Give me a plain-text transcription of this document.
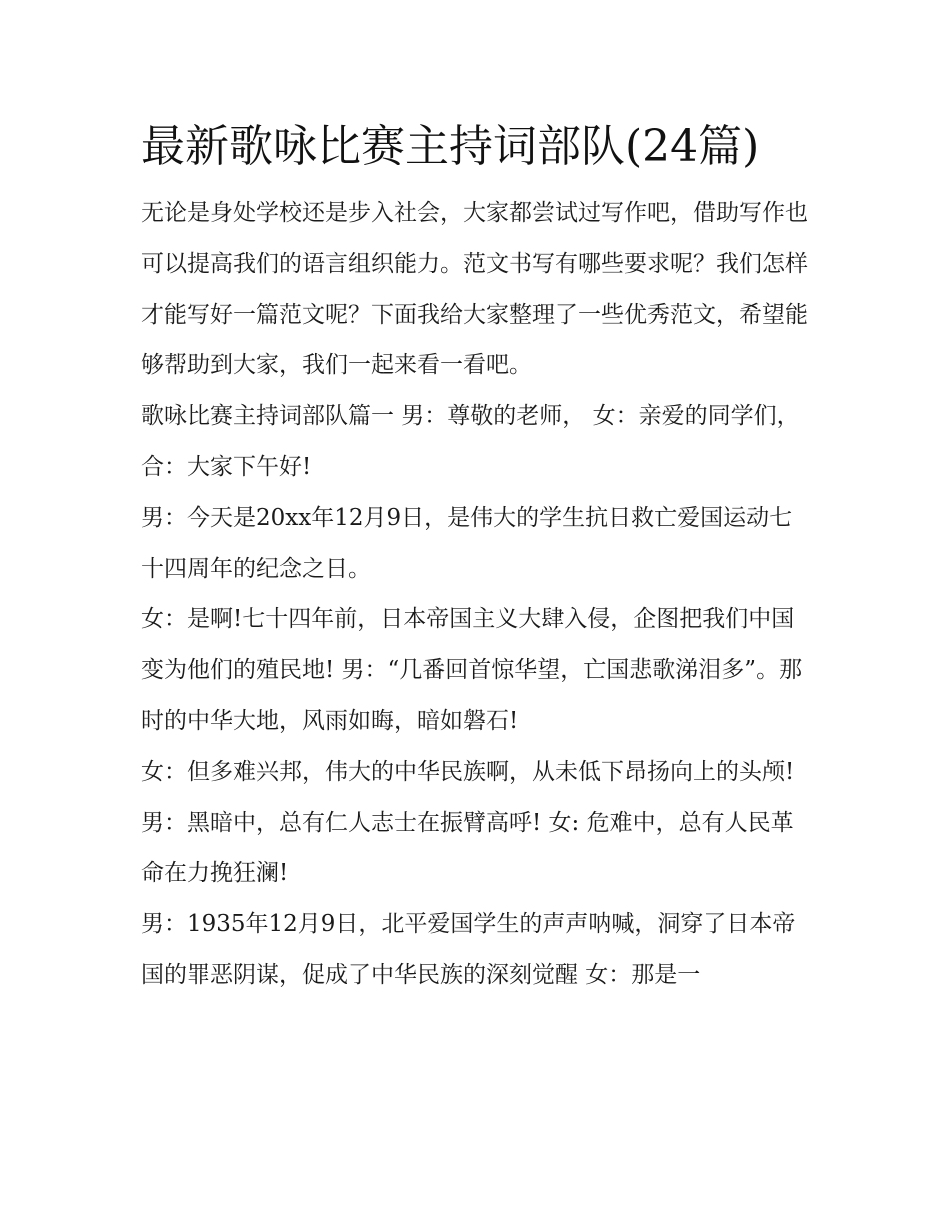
最新歌咏比赛主持词部队(24篇)

无论是身处学校还是步入社会，大家都尝试过写作吧，借助写作也可以提高我们的语言组织能力。范文书写有哪些要求呢？我们怎样才能写好一篇范文呢？下面我给大家整理了一些优秀范文，希望能够帮助到大家，我们一起来看一看吧。

歌咏比赛主持词部队篇一 男：尊敬的老师， 女：亲爱的同学们， 合：大家下午好!

男：今天是20xx年12月9日，是伟大的学生抗日救亡爱国运动七十四周年的纪念之日。

女：是啊!七十四年前，日本帝国主义大肆入侵，企图把我们中国变为他们的殖民地! 男：“几番回首惊华望，亡国悲歌涕泪多”。那时的中华大地，风雨如晦，暗如磐石!

女：但多难兴邦，伟大的中华民族啊，从未低下昂扬向上的头颅! 男：黑暗中，总有仁人志士在振臂高呼! 女: 危难中，总有人民革命在力挽狂澜!

男：1935年12月9日，北平爱国学生的声声呐喊，洞穿了日本帝国的罪恶阴谋，促成了中华民族的深刻觉醒 女：那是一
